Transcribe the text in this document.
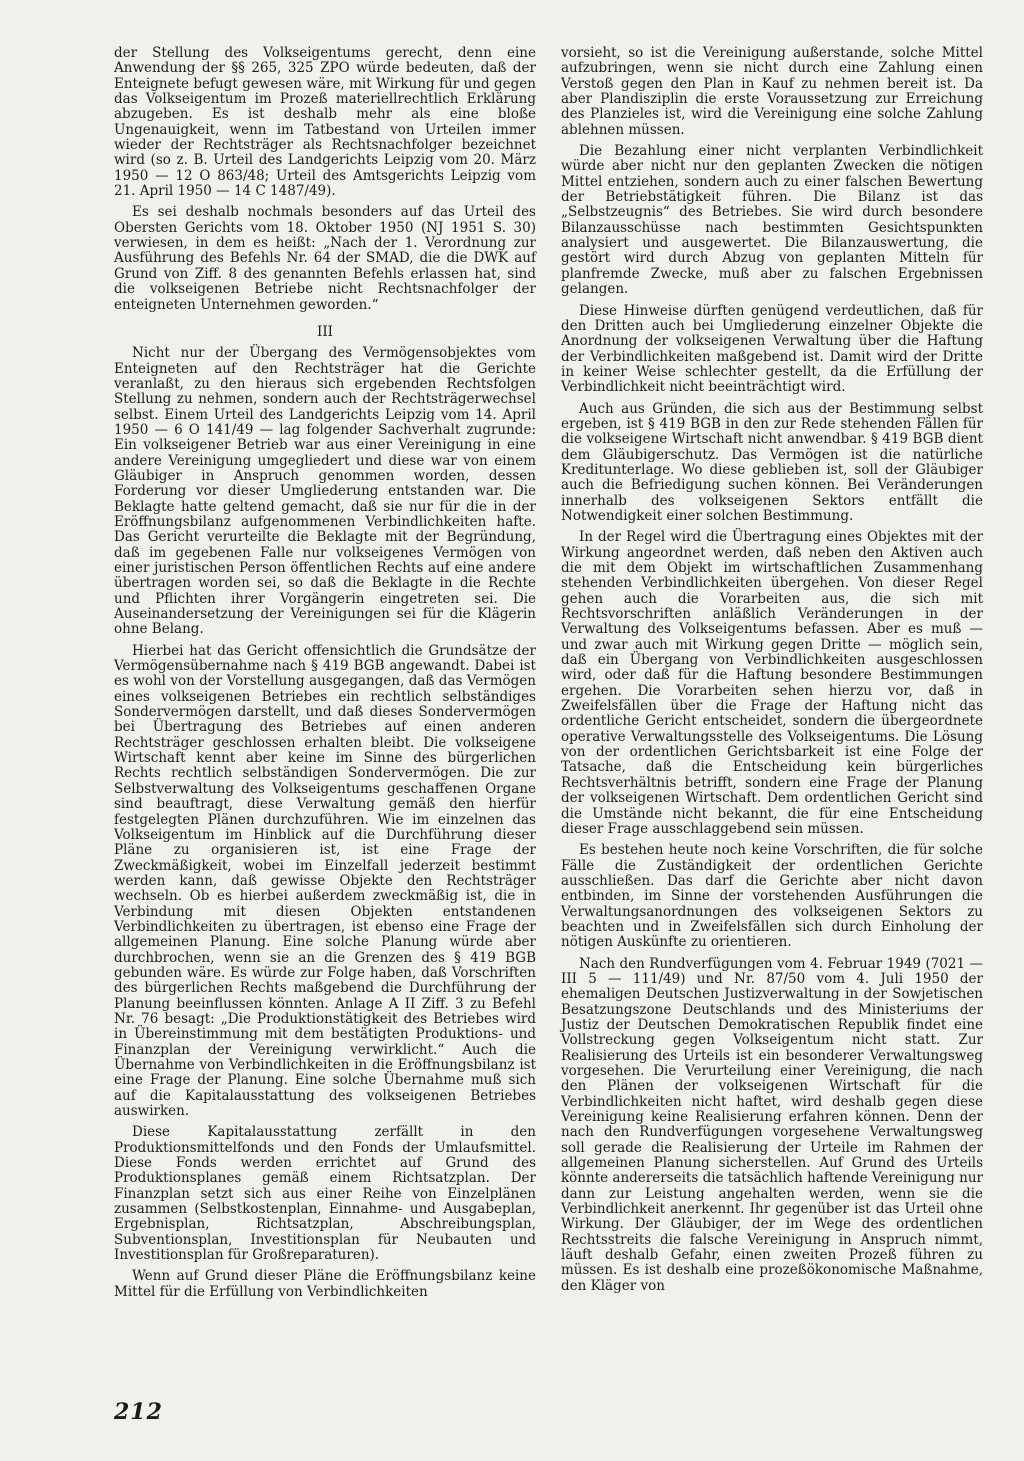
der Stellung des Volkseigentums gerecht, denn eine Anwendung der §§ 265, 325 ZPO würde bedeuten, daß der Enteignete befugt gewesen wäre, mit Wirkung für und gegen das Volkseigentum im Prozeß materiellrechtlich Erklärung abzugeben. Es ist deshalb mehr als eine bloße Ungenauigkeit, wenn im Tatbestand von Urteilen immer wieder der Rechtsträger als Rechtsnachfolger bezeichnet wird (so z. B. Urteil des Landgerichts Leipzig vom 20. März 1950 — 12 O 863/48; Urteil des Amtsgerichts Leipzig vom 21. April 1950 — 14 C 1487/49).

Es sei deshalb nochmals besonders auf das Urteil des Obersten Gerichts vom 18. Oktober 1950 (NJ 1951 S. 30) verwiesen, in dem es heißt: „Nach der 1. Verordnung zur Ausführung des Befehls Nr. 64 der SMAD, die die DWK auf Grund von Ziff. 8 des genannten Befehls erlassen hat, sind die volkseigenen Betriebe nicht Rechtsnachfolger der enteigneten Unternehmen geworden.“

III

Nicht nur der Übergang des Vermögensobjektes vom Enteigneten auf den Rechtsträger hat die Gerichte veranlaßt, zu den hieraus sich ergebenden Rechtsfolgen Stellung zu nehmen, sondern auch der Rechtsträgerwechsel selbst. Einem Urteil des Landgerichts Leipzig vom 14. April 1950 — 6 O 141/49 — lag folgender Sachverhalt zugrunde: Ein volkseigener Betrieb war aus einer Vereinigung in eine andere Vereinigung umgegliedert und diese war von einem Gläubiger in Anspruch genommen worden, dessen Forderung vor dieser Umgliederung entstanden war. Die Beklagte hatte geltend gemacht, daß sie nur für die in der Eröffnungsbilanz aufgenommenen Verbindlichkeiten hafte. Das Gericht verurteilte die Beklagte mit der Begründung, daß im gegebenen Falle nur volkseigenes Vermögen von einer juristischen Person öffentlichen Rechts auf eine andere übertragen worden sei, so daß die Beklagte in die Rechte und Pflichten ihrer Vorgängerin eingetreten sei. Die Auseinandersetzung der Vereinigungen sei für die Klägerin ohne Belang.

Hierbei hat das Gericht offensichtlich die Grundsätze der Vermögensübernahme nach § 419 BGB angewandt. Dabei ist es wohl von der Vorstellung ausgegangen, daß das Vermögen eines volkseigenen Betriebes ein rechtlich selbständiges Sondervermögen darstellt, und daß dieses Sondervermögen bei Übertragung des Betriebes auf einen anderen Rechtsträger geschlossen erhalten bleibt. Die volkseigene Wirtschaft kennt aber keine im Sinne des bürgerlichen Rechts rechtlich selbständigen Sondervermögen. Die zur Selbstverwaltung des Volkseigentums geschaffenen Organe sind beauftragt, diese Verwaltung gemäß den hierfür festgelegten Plänen durchzuführen. Wie im einzelnen das Volkseigentum im Hinblick auf die Durchführung dieser Pläne zu organisieren ist, ist eine Frage der Zweckmäßigkeit, wobei im Einzelfall jederzeit bestimmt werden kann, daß gewisse Objekte den Rechtsträger wechseln. Ob es hierbei außerdem zweckmäßig ist, die in Verbindung mit diesen Objekten entstandenen Verbindlichkeiten zu übertragen, ist ebenso eine Frage der allgemeinen Planung. Eine solche Planung würde aber durchbrochen, wenn sie an die Grenzen des § 419 BGB gebunden wäre. Es würde zur Folge haben, daß Vorschriften des bürgerlichen Rechts maßgebend die Durchführung der Planung beeinflussen könnten. Anlage A II Ziff. 3 zu Befehl Nr. 76 besagt: „Die Produktionstätigkeit des Betriebes wird in Übereinstimmung mit dem bestätigten Produktions- und Finanzplan der Vereinigung verwirklicht.“ Auch die Übernahme von Verbindlichkeiten in die Eröffnungsbilanz ist eine Frage der Planung. Eine solche Übernahme muß sich auf die Kapitalausstattung des volkseigenen Betriebes auswirken.

Diese Kapitalausstattung zerfällt in den Produktionsmittelfonds und den Fonds der Umlaufsmittel. Diese Fonds werden errichtet auf Grund des Produktionsplanes gemäß einem Richtsatzplan. Der Finanzplan setzt sich aus einer Reihe von Einzelplänen zusammen (Selbstkostenplan, Einnahme- und Ausgabeplan, Ergebnisplan, Richtsatzplan, Abschreibungsplan, Subventionsplan, Investitionsplan für Neubauten und Investitionsplan für Großreparaturen).

Wenn auf Grund dieser Pläne die Eröffnungsbilanz keine Mittel für die Erfüllung von Verbindlichkeiten

vorsieht, so ist die Vereinigung außerstande, solche Mittel aufzubringen, wenn sie nicht durch eine Zahlung einen Verstoß gegen den Plan in Kauf zu nehmen bereit ist. Da aber Plandisziplin die erste Voraussetzung zur Erreichung des Planzieles ist, wird die Vereinigung eine solche Zahlung ablehnen müssen.

Die Bezahlung einer nicht verplanten Verbindlichkeit würde aber nicht nur den geplanten Zwecken die nötigen Mittel entziehen, sondern auch zu einer falschen Bewertung der Betriebstätigkeit führen. Die Bilanz ist das „Selbstzeugnis“ des Betriebes. Sie wird durch besondere Bilanzausschüsse nach bestimmten Gesichtspunkten analysiert und ausgewertet. Die Bilanzauswertung, die gestört wird durch Abzug von geplanten Mitteln für planfremde Zwecke, muß aber zu falschen Ergebnissen gelangen.

Diese Hinweise dürften genügend verdeutlichen, daß für den Dritten auch bei Umgliederung einzelner Objekte die Anordnung der volkseigenen Verwaltung über die Haftung der Verbindlichkeiten maßgebend ist. Damit wird der Dritte in keiner Weise schlechter gestellt, da die Erfüllung der Verbindlichkeit nicht beeinträchtigt wird.

Auch aus Gründen, die sich aus der Bestimmung selbst ergeben, ist § 419 BGB in den zur Rede stehenden Fällen für die volkseigene Wirtschaft nicht anwendbar. § 419 BGB dient dem Gläubigerschutz. Das Vermögen ist die natürliche Kreditunterlage. Wo diese geblieben ist, soll der Gläubiger auch die Befriedigung suchen können. Bei Veränderungen innerhalb des volkseigenen Sektors entfällt die Notwendigkeit einer solchen Bestimmung.

In der Regel wird die Übertragung eines Objektes mit der Wirkung angeordnet werden, daß neben den Aktiven auch die mit dem Objekt im wirtschaftlichen Zusammenhang stehenden Verbindlichkeiten übergehen. Von dieser Regel gehen auch die Vorarbeiten aus, die sich mit Rechtsvorschriften anläßlich Veränderungen in der Verwaltung des Volkseigentums befassen. Aber es muß — und zwar auch mit Wirkung gegen Dritte — möglich sein, daß ein Übergang von Verbindlichkeiten ausgeschlossen wird, oder daß für die Haftung besondere Bestimmungen ergehen. Die Vorarbeiten sehen hierzu vor, daß in Zweifelsfällen über die Frage der Haftung nicht das ordentliche Gericht entscheidet, sondern die übergeordnete operative Verwaltungsstelle des Volkseigentums. Die Lösung von der ordentlichen Gerichtsbarkeit ist eine Folge der Tatsache, daß die Entscheidung kein bürgerliches Rechtsverhältnis betrifft, sondern eine Frage der Planung der volkseigenen Wirtschaft. Dem ordentlichen Gericht sind die Umstände nicht bekannt, die für eine Entscheidung dieser Frage ausschlaggebend sein müssen.

Es bestehen heute noch keine Vorschriften, die für solche Fälle die Zuständigkeit der ordentlichen Gerichte ausschließen. Das darf die Gerichte aber nicht davon entbinden, im Sinne der vorstehenden Ausführungen die Verwaltungsanordnungen des volkseigenen Sektors zu beachten und in Zweifelsfällen sich durch Einholung der nötigen Auskünfte zu orientieren.

Nach den Rundverfügungen vom 4. Februar 1949 (7021 — III 5 — 111/49) und Nr. 87/50 vom 4. Juli 1950 der ehemaligen Deutschen Justizverwaltung in der Sowjetischen Besatzungszone Deutschlands und des Ministeriums der Justiz der Deutschen Demokratischen Republik findet eine Vollstreckung gegen Volkseigentum nicht statt. Zur Realisierung des Urteils ist ein besonderer Verwaltungsweg vorgesehen. Die Verurteilung einer Vereinigung, die nach den Plänen der volkseigenen Wirtschaft für die Verbindlichkeiten nicht haftet, wird deshalb gegen diese Vereinigung keine Realisierung erfahren können. Denn der nach den Rundverfügungen vorgesehene Verwaltungsweg soll gerade die Realisierung der Urteile im Rahmen der allgemeinen Planung sicherstellen. Auf Grund des Urteils könnte andererseits die tatsächlich haftende Vereinigung nur dann zur Leistung angehalten werden, wenn sie die Verbindlichkeit anerkennt. Ihr gegenüber ist das Urteil ohne Wirkung. Der Gläubiger, der im Wege des ordentlichen Rechtsstreits die falsche Vereinigung in Anspruch nimmt, läuft deshalb Gefahr, einen zweiten Prozeß führen zu müssen. Es ist deshalb eine prozeßökonomische Maßnahme, den Kläger von

212
